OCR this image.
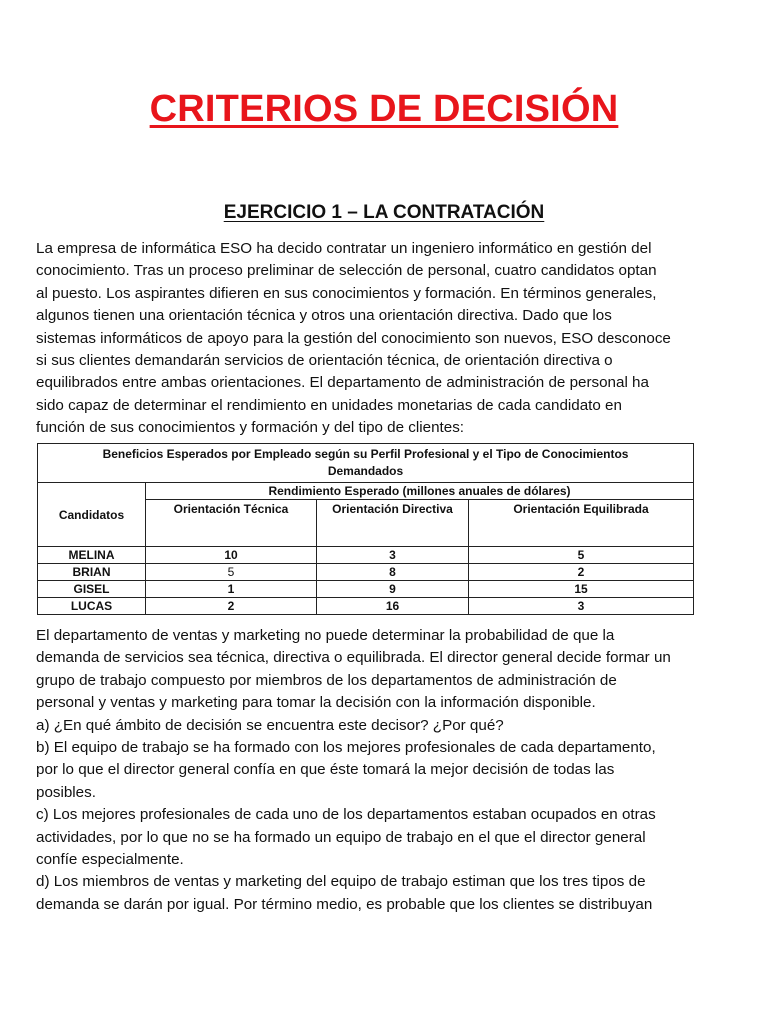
CRITERIOS DE DECISIÓN
EJERCICIO 1 – LA CONTRATACIÓN

La empresa de informática ESO ha decido contratar un ingeniero informático en gestión del
conocimiento. Tras un proceso preliminar de selección de personal, cuatro candidatos optan
al puesto. Los aspirantes difieren en sus conocimientos y formación. En términos generales,
algunos tienen una orientación técnica y otros una orientación directiva. Dado que los
sistemas informáticos de apoyo para la gestión del conocimiento son nuevos, ESO desconoce
si sus clientes demandarán servicios de orientación técnica, de orientación directiva o
equilibrados entre ambas orientaciones. El departamento de administración de personal ha
sido capaz de determinar el rendimiento en unidades monetarias de cada candidato en
función de sus conocimientos y formación y del tipo de clientes:

Beneficios Esperados por Empleado según su Perfil Profesional y el Tipo de Conocimientos Demandados			
Candidatos	Rendimiento Esperado (millones anuales de dólares)		
	Orientación Técnica	Orientación Directiva	Orientación Equilibrada
MELINA	10	3	5
BRIAN	5	8	2
GISEL	1	9	15
LUCAS	2	16	3

El departamento de ventas y marketing no puede determinar la probabilidad de que la
demanda de servicios sea técnica, directiva o equilibrada. El director general decide formar un
grupo de trabajo compuesto por miembros de los departamentos de administración de
personal y ventas y marketing para tomar la decisión con la información disponible.
a) ¿En qué ámbito de decisión se encuentra este decisor? ¿Por qué?
b) El equipo de trabajo se ha formado con los mejores profesionales de cada departamento,
por lo que el director general confía en que éste tomará la mejor decisión de todas las
posibles.
c) Los mejores profesionales de cada uno de los departamentos estaban ocupados en otras
actividades, por lo que no se ha formado un equipo de trabajo en el que el director general
confíe especialmente.
d) Los miembros de ventas y marketing del equipo de trabajo estiman que los tres tipos de
demanda se darán por igual. Por término medio, es probable que los clientes se distribuyan
